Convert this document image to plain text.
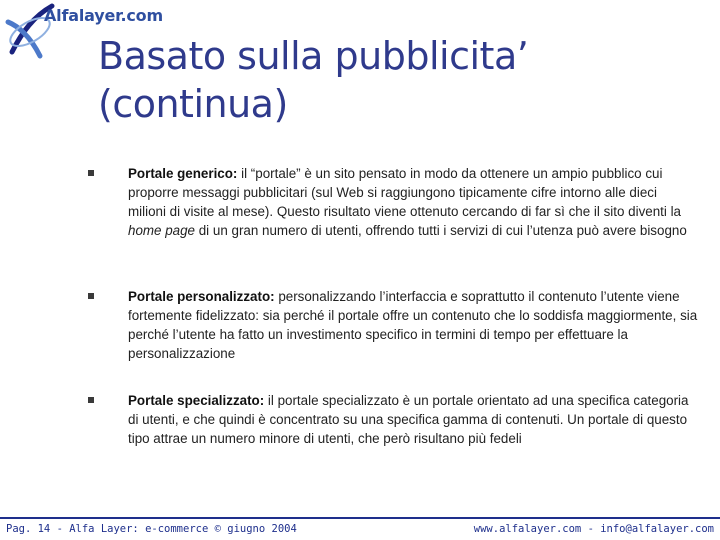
Alfalayer.com
Basato sulla pubblicita’
(continua)
Portale generico: il “portale” è un sito pensato in modo da ottenere un ampio pubblico cui proporre messaggi pubblicitari (sul Web si raggiungono tipicamente cifre intorno alle dieci milioni di visite al mese). Questo risultato viene ottenuto cercando di far sì che il sito diventi la home page di un gran numero di utenti, offrendo tutti i servizi di cui l’utenza può avere bisogno
Portale personalizzato: personalizzando l’interfaccia e soprattutto il contenuto l’utente viene fortemente fidelizzato: sia perché il portale offre un contenuto che lo soddisfa maggiormente, sia perché l’utente ha fatto un investimento specifico in termini di tempo per effettuare la personalizzazione
Portale specializzato: il portale specializzato è un portale orientato ad una specifica categoria di utenti, e che quindi è concentrato su una specifica gamma di contenuti. Un portale di questo tipo attrae un numero minore di utenti, che però risultano più fedeli
Pag. 14 - Alfa Layer: e-commerce © giugno 2004	www.alfalayer.com - info@alfalayer.com
